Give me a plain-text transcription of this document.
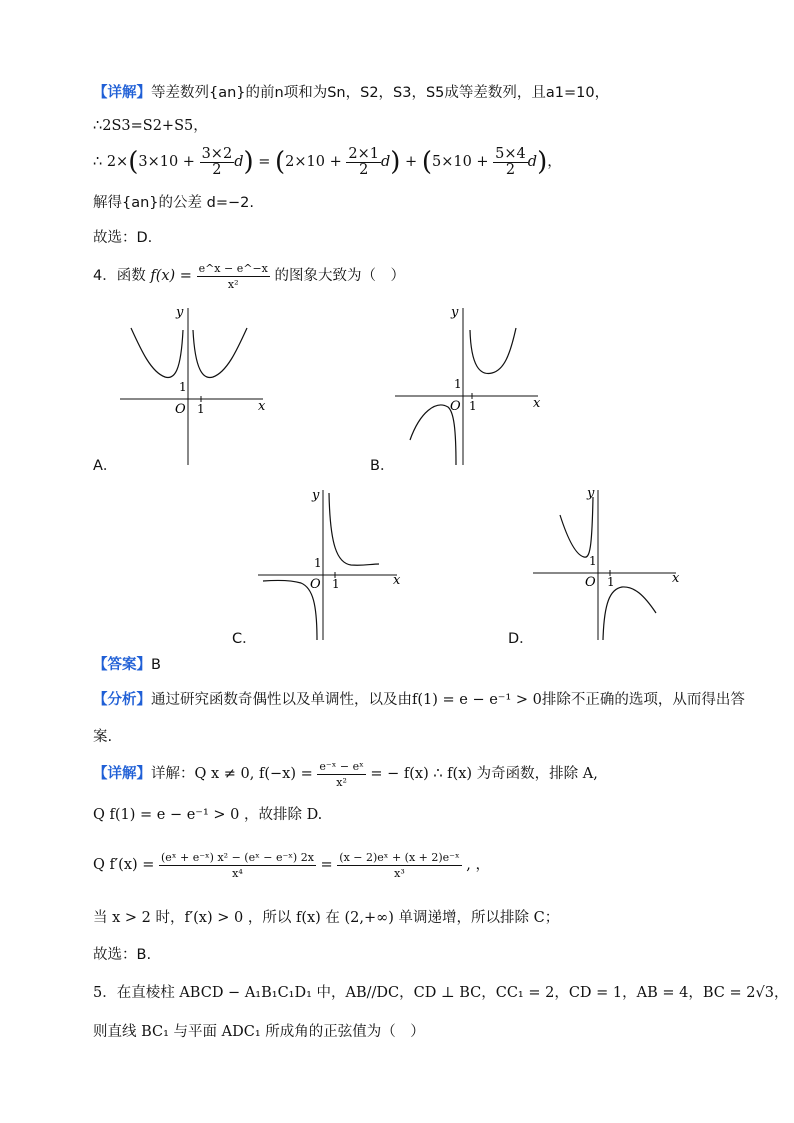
【详解】等差数列{an}的前n项和为Sn，S2，S3，S5成等差数列，且a1=10，
∴2S3=S2+S5，
∴ $2\times(3\times 10 + \frac{3\times 2}{2} d) = (2\times 10 + \frac{2\times 1}{2} d) + (5\times 10 + \frac{5\times 4}{2} d)$，
解得{an}的公差 d=−2.
故选：D.
4．函数 $f(x) = \frac{e\^{}x - e\^{}-x}{\text{x²}}$ 的图象大致为（　）
y
x
O 1
1
A．
y
x
O 1
1
B．
y
x
O 1
1
C．
y
x
O 1
1
D．
【答案】B
【分析】通过研究函数奇偶性以及单调性，以及由f(1) = e − e⁻¹ > 0排除不正确的选项，从而得出答
案.
【详解】详解：Q x ≠ 0, $f(-x) = \frac{\text{e⁻ˣ − eˣ}}{\text{x²}}$ = − f(x) ∴ f(x) 为奇函数，排除 A,
Q f(1) = e − e⁻¹ > 0 ，故排除 D.
Q $f'(x) = \frac{\text{(eˣ + e⁻ˣ) x² − (eˣ − e⁻ˣ) 2x}}{\text{x⁴}} = \frac{\text{(x − 2)eˣ + (x + 2)e⁻ˣ}}{\text{x³}}$ , ，
当 x > 2 时，f′(x) > 0 ，所以 f(x) 在 (2,+∞) 单调递增，所以排除 C；
故选：B.
5．在直棱柱 ABCD − A₁B₁C₁D₁ 中，AB//DC，CD ⊥ BC，CC₁ = 2，CD = 1，AB = 4，BC = 2√3，
则直线 BC₁ 与平面 ADC₁ 所成角的正弦值为（　）
